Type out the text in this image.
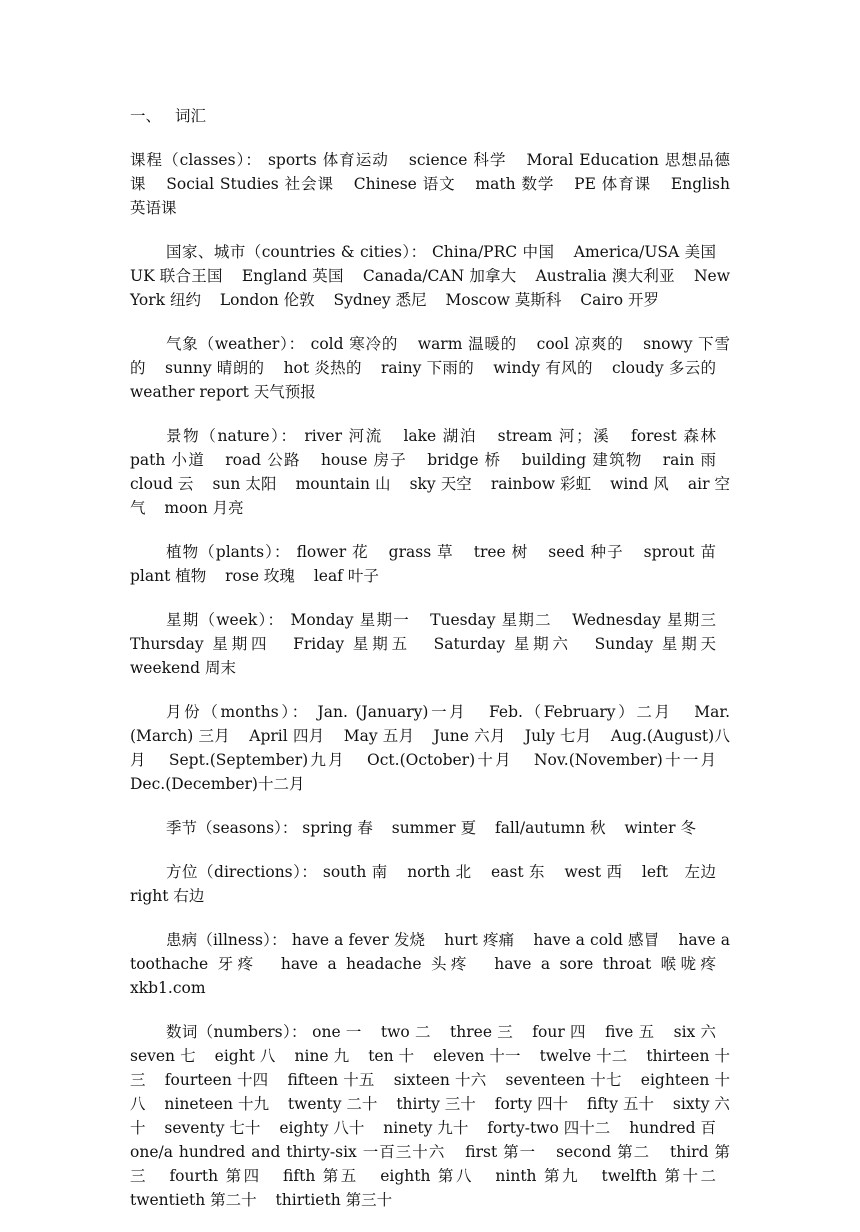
一、 词汇
课程（classes）： sports 体育运动 science 科学 Moral Education 思想品德课 Social Studies 社会课 Chinese 语文 math 数学 PE 体育课 English 英语课
国家、城市（countries & cities）： China/PRC 中国 America/USA 美国 UK 联合王国 England 英国 Canada/CAN 加拿大 Australia 澳大利亚 New York 纽约 London 伦敦 Sydney 悉尼 Moscow 莫斯科 Cairo 开罗
气象（weather）： cold 寒冷的 warm 温暖的 cool 凉爽的 snowy 下雪的 sunny 晴朗的 hot 炎热的 rainy 下雨的 windy 有风的 cloudy 多云的 weather report 天气预报
景物（nature）： river 河流 lake 湖泊 stream 河；溪 forest 森林 path 小道 road 公路 house 房子 bridge 桥 building 建筑物 rain 雨 cloud 云 sun 太阳 mountain 山 sky 天空 rainbow 彩虹 wind 风 air 空气 moon 月亮
植物（plants）： flower 花 grass 草 tree 树 seed 种子 sprout 苗 plant 植物 rose 玫瑰 leaf 叶子
星期（week）： Monday 星期一 Tuesday 星期二 Wednesday 星期三 Thursday 星期四 Friday 星期五 Saturday 星期六 Sunday 星期天 weekend 周末
月份（months）： Jan. (January)一月 Feb.（February）二月 Mar.(March) 三月 April 四月 May 五月 June 六月 July 七月 Aug.(August)八月 Sept.(September)九月 Oct.(October)十月 Nov.(November)十一月 Dec.(December)十二月
季节（seasons）： spring 春 summer 夏 fall/autumn 秋 winter 冬
方位（directions）： south 南 north 北 east 东 west 西 left　左边 right 右边
患病（illness）： have a fever 发烧 hurt 疼痛 have a cold 感冒 have a toothache 牙疼 have a headache 头疼 have a sore throat 喉咙疼 xkb1.com
数词（numbers）： one 一 two 二 three 三 four 四 five 五 six 六 seven 七 eight 八 nine 九 ten 十 eleven 十一 twelve 十二 thirteen 十三 fourteen 十四 fifteen 十五 sixteen 十六 seventeen 十七 eighteen 十八 nineteen 十九 twenty 二十 thirty 三十 forty 四十 fifty 五十 sixty 六十 seventy 七十 eighty 八十 ninety 九十 forty-two 四十二 hundred 百 one/a hundred and thirty-six 一百三十六 first 第一 second 第二 third 第三 fourth 第四 fifth 第五 eighth 第八 ninth 第九 twelfth 第十二 twentieth 第二十 thirtieth 第三十
